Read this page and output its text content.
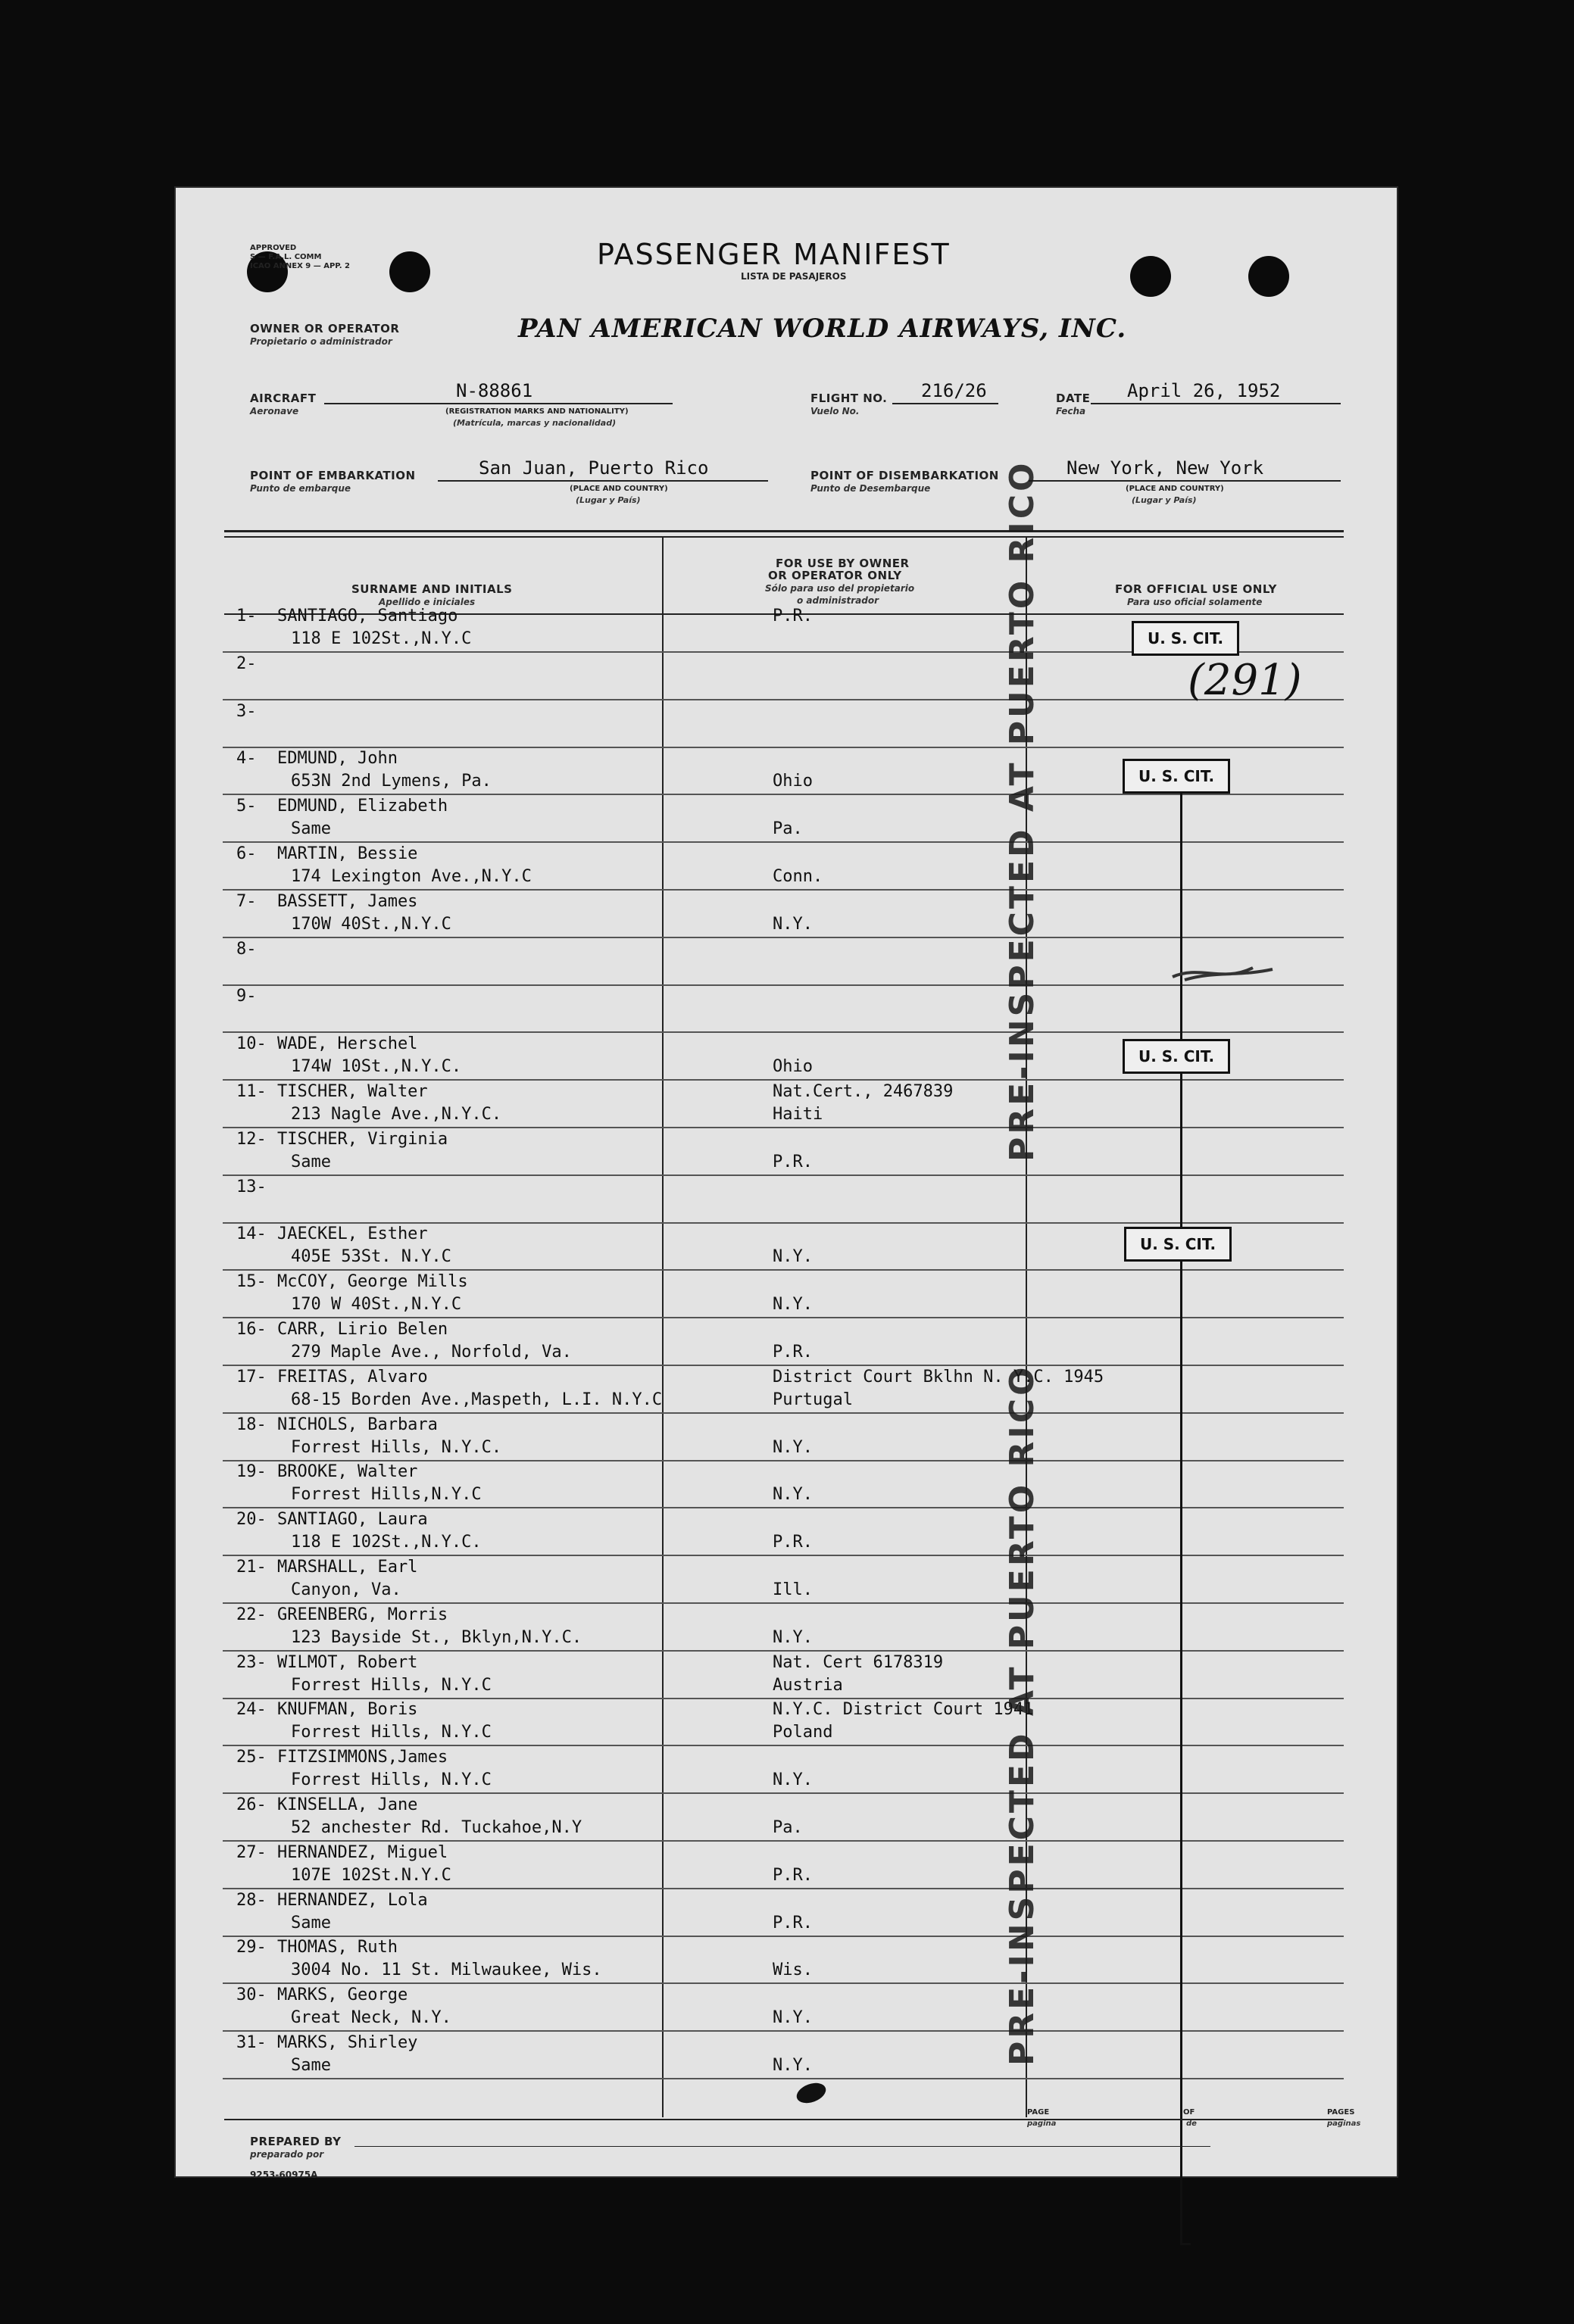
APPROVED
S — F.A.L. COMM
ICAO ANNEX 9 — APP. 2	PASSENGER MANIFEST
LISTA DE PASAJEROS
OWNER OR OPERATOR
Propietario o administrador	PAN AMERICAN WORLD AIRWAYS, INC.
AIRCRAFT
Aeronave
N-88861
(REGISTRATION MARKS AND NATIONALITY)
(Matrícula, marcas y nacionalidad)
FLIGHT NO.
Vuelo No.
216/26	DATE
Fecha
April 26, 1952
POINT OF EMBARKATION
Punto de embarque
San Juan, Puerto Rico
(PLACE AND COUNTRY)
(Lugar y País)
POINT OF DISEMBARKATION
Punto de Desembarque
New York, New York
(PLACE AND COUNTRY)
(Lugar y País)
SURNAME AND INITIALS
Apellido e iniciales
FOR USE BY OWNER
OR OPERATOR ONLY
Sólo para uso del propietario
o administrador
FOR OFFICIAL USE ONLY
Para uso oficial solamente
1-	SANTIAGO, Santiago
118 E 102St.,N.Y.C
P.R.
2-
3-
4-	EDMUND, John
653N 2nd Lymens, Pa.	Ohio
5-	EDMUND, Elizabeth
Same	Pa.
6-	MARTIN, Bessie
174 Lexington Ave.,N.Y.C	Conn.
7-	BASSETT, James
170W 40St.,N.Y.C	N.Y.
8-
9-
10- WADE, Herschel
174W 10St.,N.Y.C.	Ohio
11- TISCHER, Walter
213 Nagle Ave.,N.Y.C.
Nat.Cert., 2467839
Haiti
12- TISCHER, Virginia
Same	P.R.
13-
14- JAECKEL, Esther
405E 53St. N.Y.C	N.Y.
15- McCOY, George Mills
170 W 40St.,N.Y.C	N.Y.
16- CARR, Lirio Belen
279 Maple Ave., Norfold, Va.	P.R.
17- FREITAS, Alvaro
68-15 Borden Ave.,Maspeth, L.I. N.Y.C
District Court Bklhn N. Y.C. 1945
Purtugal
18- NICHOLS, Barbara
Forrest Hills, N.Y.C.	N.Y.
19- BROOKE, Walter
Forrest Hills,N.Y.C	N.Y.
20- SANTIAGO, Laura
118 E 102St.,N.Y.C.	P.R.
21- MARSHALL, Earl
Canyon, Va.	Ill.
22- GREENBERG, Morris
123 Bayside St., Bklyn,N.Y.C.	N.Y.
23- WILMOT, Robert
Forrest Hills, N.Y.C
Nat. Cert 6178319
Austria
24- KNUFMAN, Boris
Forrest Hills, N.Y.C
N.Y.C. District Court 1941
Poland
25- FITZSIMMONS,James
Forrest Hills, N.Y.C	N.Y.
26- KINSELLA, Jane
52 anchester Rd. Tuckahoe,N.Y	Pa.
27- HERNANDEZ, Miguel
107E 102St.N.Y.C	P.R.
28- HERNANDEZ, Lola
Same	P.R.
29- THOMAS, Ruth
3004 No. 11 St. Milwaukee, Wis.	Wis.
30- MARKS, George
Great Neck, N.Y.	N.Y.
31- MARKS, Shirley
Same	N.Y.
PRE-INSPECTED AT PUERTO RICO
PRE-INSPECTED AT PUERTO RICO
U. S. CIT.
U. S. CIT.
U. S. CIT.
U. S. CIT.
(291)
PREPARED BY
preparado por
PAGE
pagina
OF
de
PAGES
paginas
9253-60975A
